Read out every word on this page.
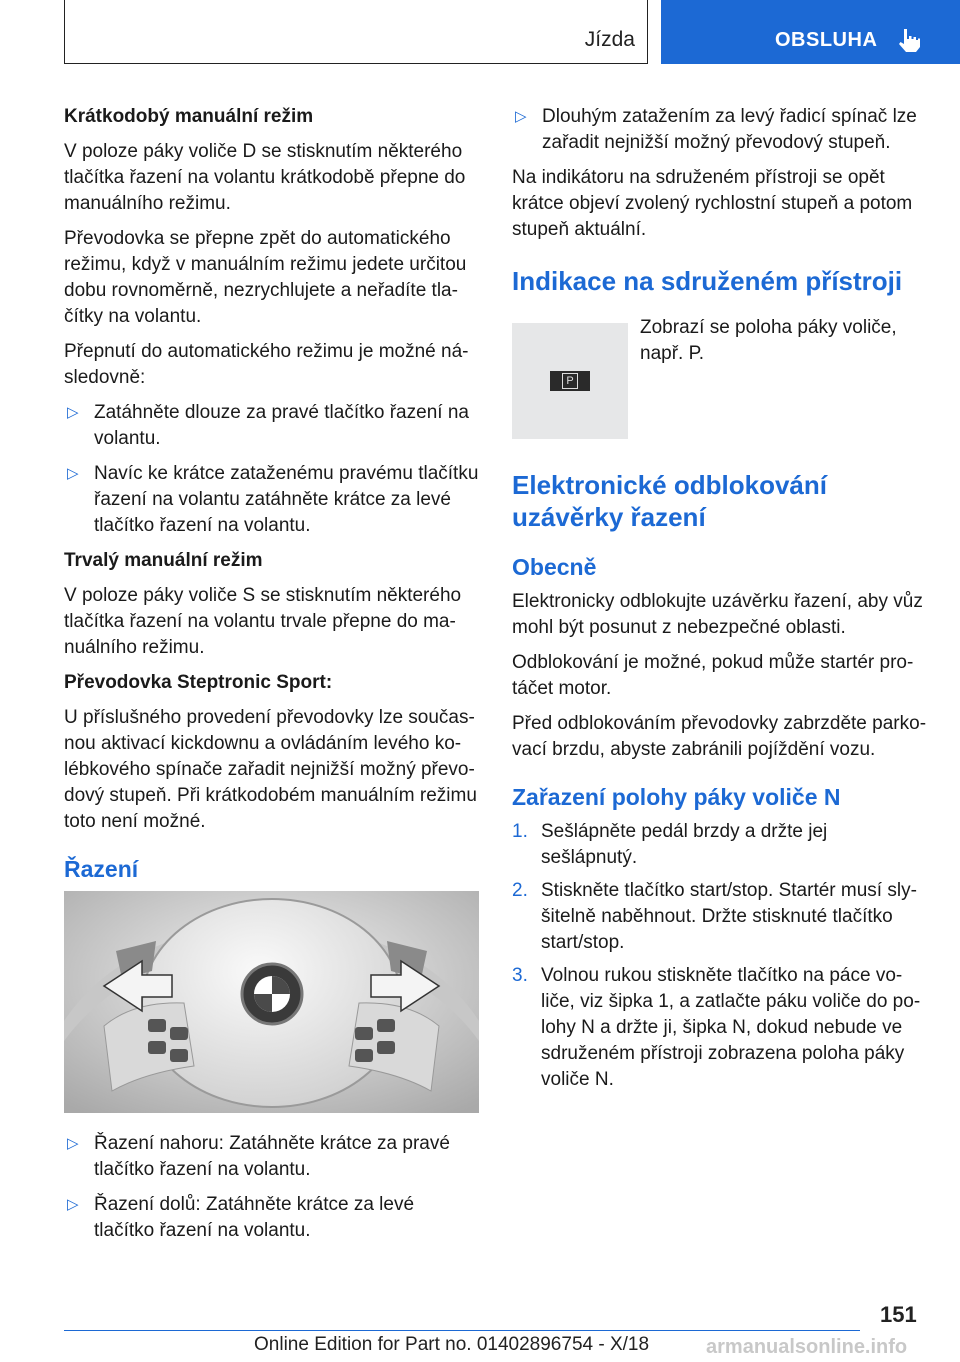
Jízda	OBSLUHA

Krátkodobý manuální režim

V poloze páky voliče D se stisknutím některého tlačítka řazení na volantu krátkodobě přepne do manuálního režimu.

Převodovka se přepne zpět do automatického režimu, když v manuálním režimu jedete určitou dobu rovnoměrně, nezrychlujete a neřadíte tlačítky na volantu.

Přepnutí do automatického režimu je možné následovně:

▷ Zatáhněte dlouze za pravé tlačítko řazení na volantu.
▷ Navíc ke krátce zataženému pravému tlačítku řazení na volantu zatáhněte krátce za levé tlačítko řazení na volantu.

Trvalý manuální režim

V poloze páky voliče S se stisknutím některého tlačítka řazení na volantu trvale přepne do manuálního režimu.

Převodovka Steptronic Sport:

U příslušného provedení převodovky lze současnou aktivací kickdownu a ovládáním levého kolébkového spínače zařadit nejnižší možný převodový stupeň. Při krátkodobém manuálním režimu toto není možné.

Řazení
▷ Řazení nahoru: Zatáhněte krátce za pravé tlačítko řazení na volantu.
▷ Řazení dolů: Zatáhněte krátce za levé tlačítko řazení na volantu.
▷ Dlouhým zatažením za levý řadicí spínač lze zařadit nejnižší možný převodový stupeň.

Na indikátoru na sdruženém přístroji se opět krátce objeví zvolený rychlostní stupeň a potom stupeň aktuální.

Indikace na sdruženém přístroji
P
Zobrazí se poloha páky voliče, např. P.
Elektronické odblokování uzávěrky řazení
Obecně

Elektronicky odblokujte uzávěrku řazení, aby vůz mohl být posunut z nebezpečné oblasti.

Odblokování je možné, pokud může startér protáčet motor.

Před odblokováním převodovky zabrzděte parkovací brzdu, abyste zabránili pojíždění vozu.

Zařazení polohy páky voliče N
1. Sešlápněte pedál brzdy a držte jej sešlápnutý.
2. Stiskněte tlačítko start/stop. Startér musí slyšitelně naběhnout. Držte stisknuté tlačítko start/stop.
3. Volnou rukou stiskněte tlačítko na páce voliče, viz šipka 1, a zatlačte páku voliče do polohy N a držte ji, šipka N, dokud nebude ve sdruženém přístroji zobrazena poloha páky voliče N.
151
Online Edition for Part no. 01402896754 - X/18	armanualsonline.info
